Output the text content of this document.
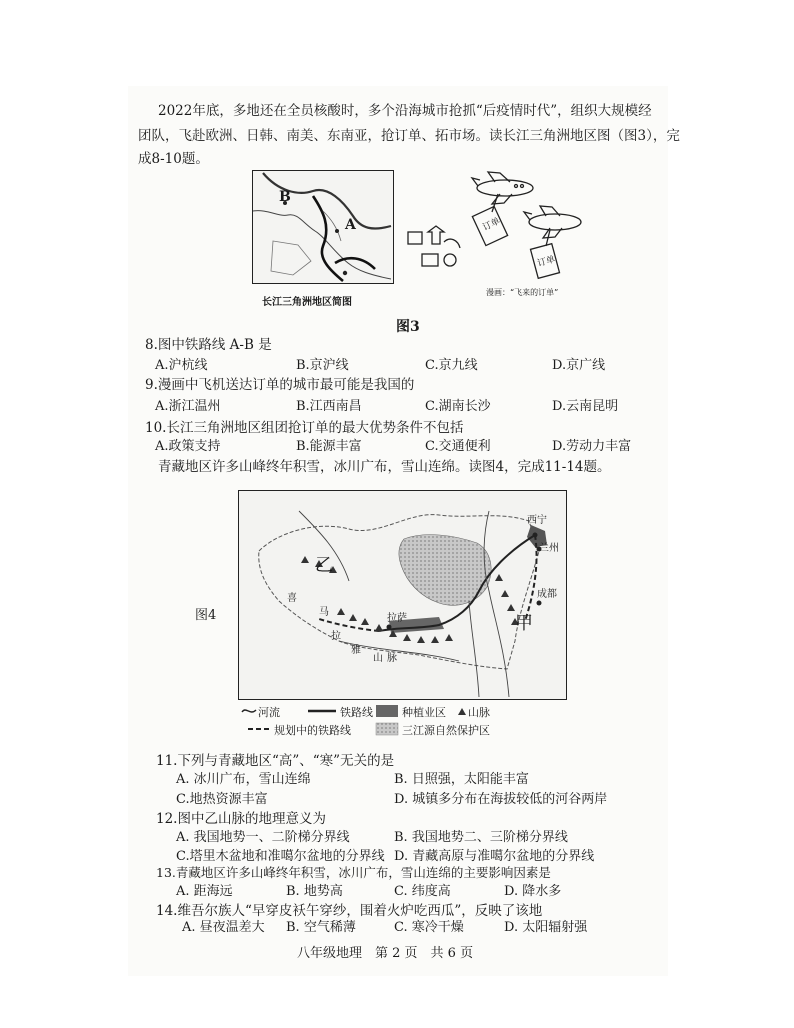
2022年底，多地还在全员核酸时，多个沿海城市抢抓“后疫情时代”，组织大规模经
团队，飞赴欧洲、日韩、南美、东南亚，抢订单、拓市场。读长江三角洲地区图（图3），完
成8-10题。
B
A
长江三角洲地区简图
订单
订单
漫画：“飞来的订单”
图3
8.图中铁路线 A-B 是
A.沪杭线	B.京沪线	C.京九线	D.京广线
9.漫画中飞机送达订单的城市最可能是我国的
A.浙江温州	B.江西南昌	C.湖南长沙	D.云南昆明
10.长江三角洲地区组团抢订单的最大优势条件不包括
A.政策支持	B.能源丰富	C.交通便利	D.劳动力丰富
青藏地区许多山峰终年积雪，冰川广布，雪山连绵。读图4，完成11-14题。
图4
西宁
兰州
成都
拉萨
乙
甲
喜
马
拉
雅
山 脉
河流	铁路线	种植业区 山脉
规划中的铁路线	三江源自然保护区
11.下列与青藏地区“高”、“寒”无关的是
A. 冰川广布，雪山连绵	B. 日照强，太阳能丰富
C.地热资源丰富	D. 城镇多分布在海拔较低的河谷两岸
12.图中乙山脉的地理意义为
A. 我国地势一、二阶梯分界线	B. 我国地势二、三阶梯分界线
C.塔里木盆地和准噶尔盆地的分界线 D. 青藏高原与准噶尔盆地的分界线
13.青藏地区许多山峰终年积雪，冰川广布，雪山连绵的主要影响因素是
A. 距海远	B. 地势高	C. 纬度高	D. 降水多
14.维吾尔族人“早穿皮袄午穿纱，围着火炉吃西瓜”，反映了该地
A. 昼夜温差大 B. 空气稀薄	C. 寒冷干燥	D. 太阳辐射强
八年级地理　第 2 页　共 6 页
